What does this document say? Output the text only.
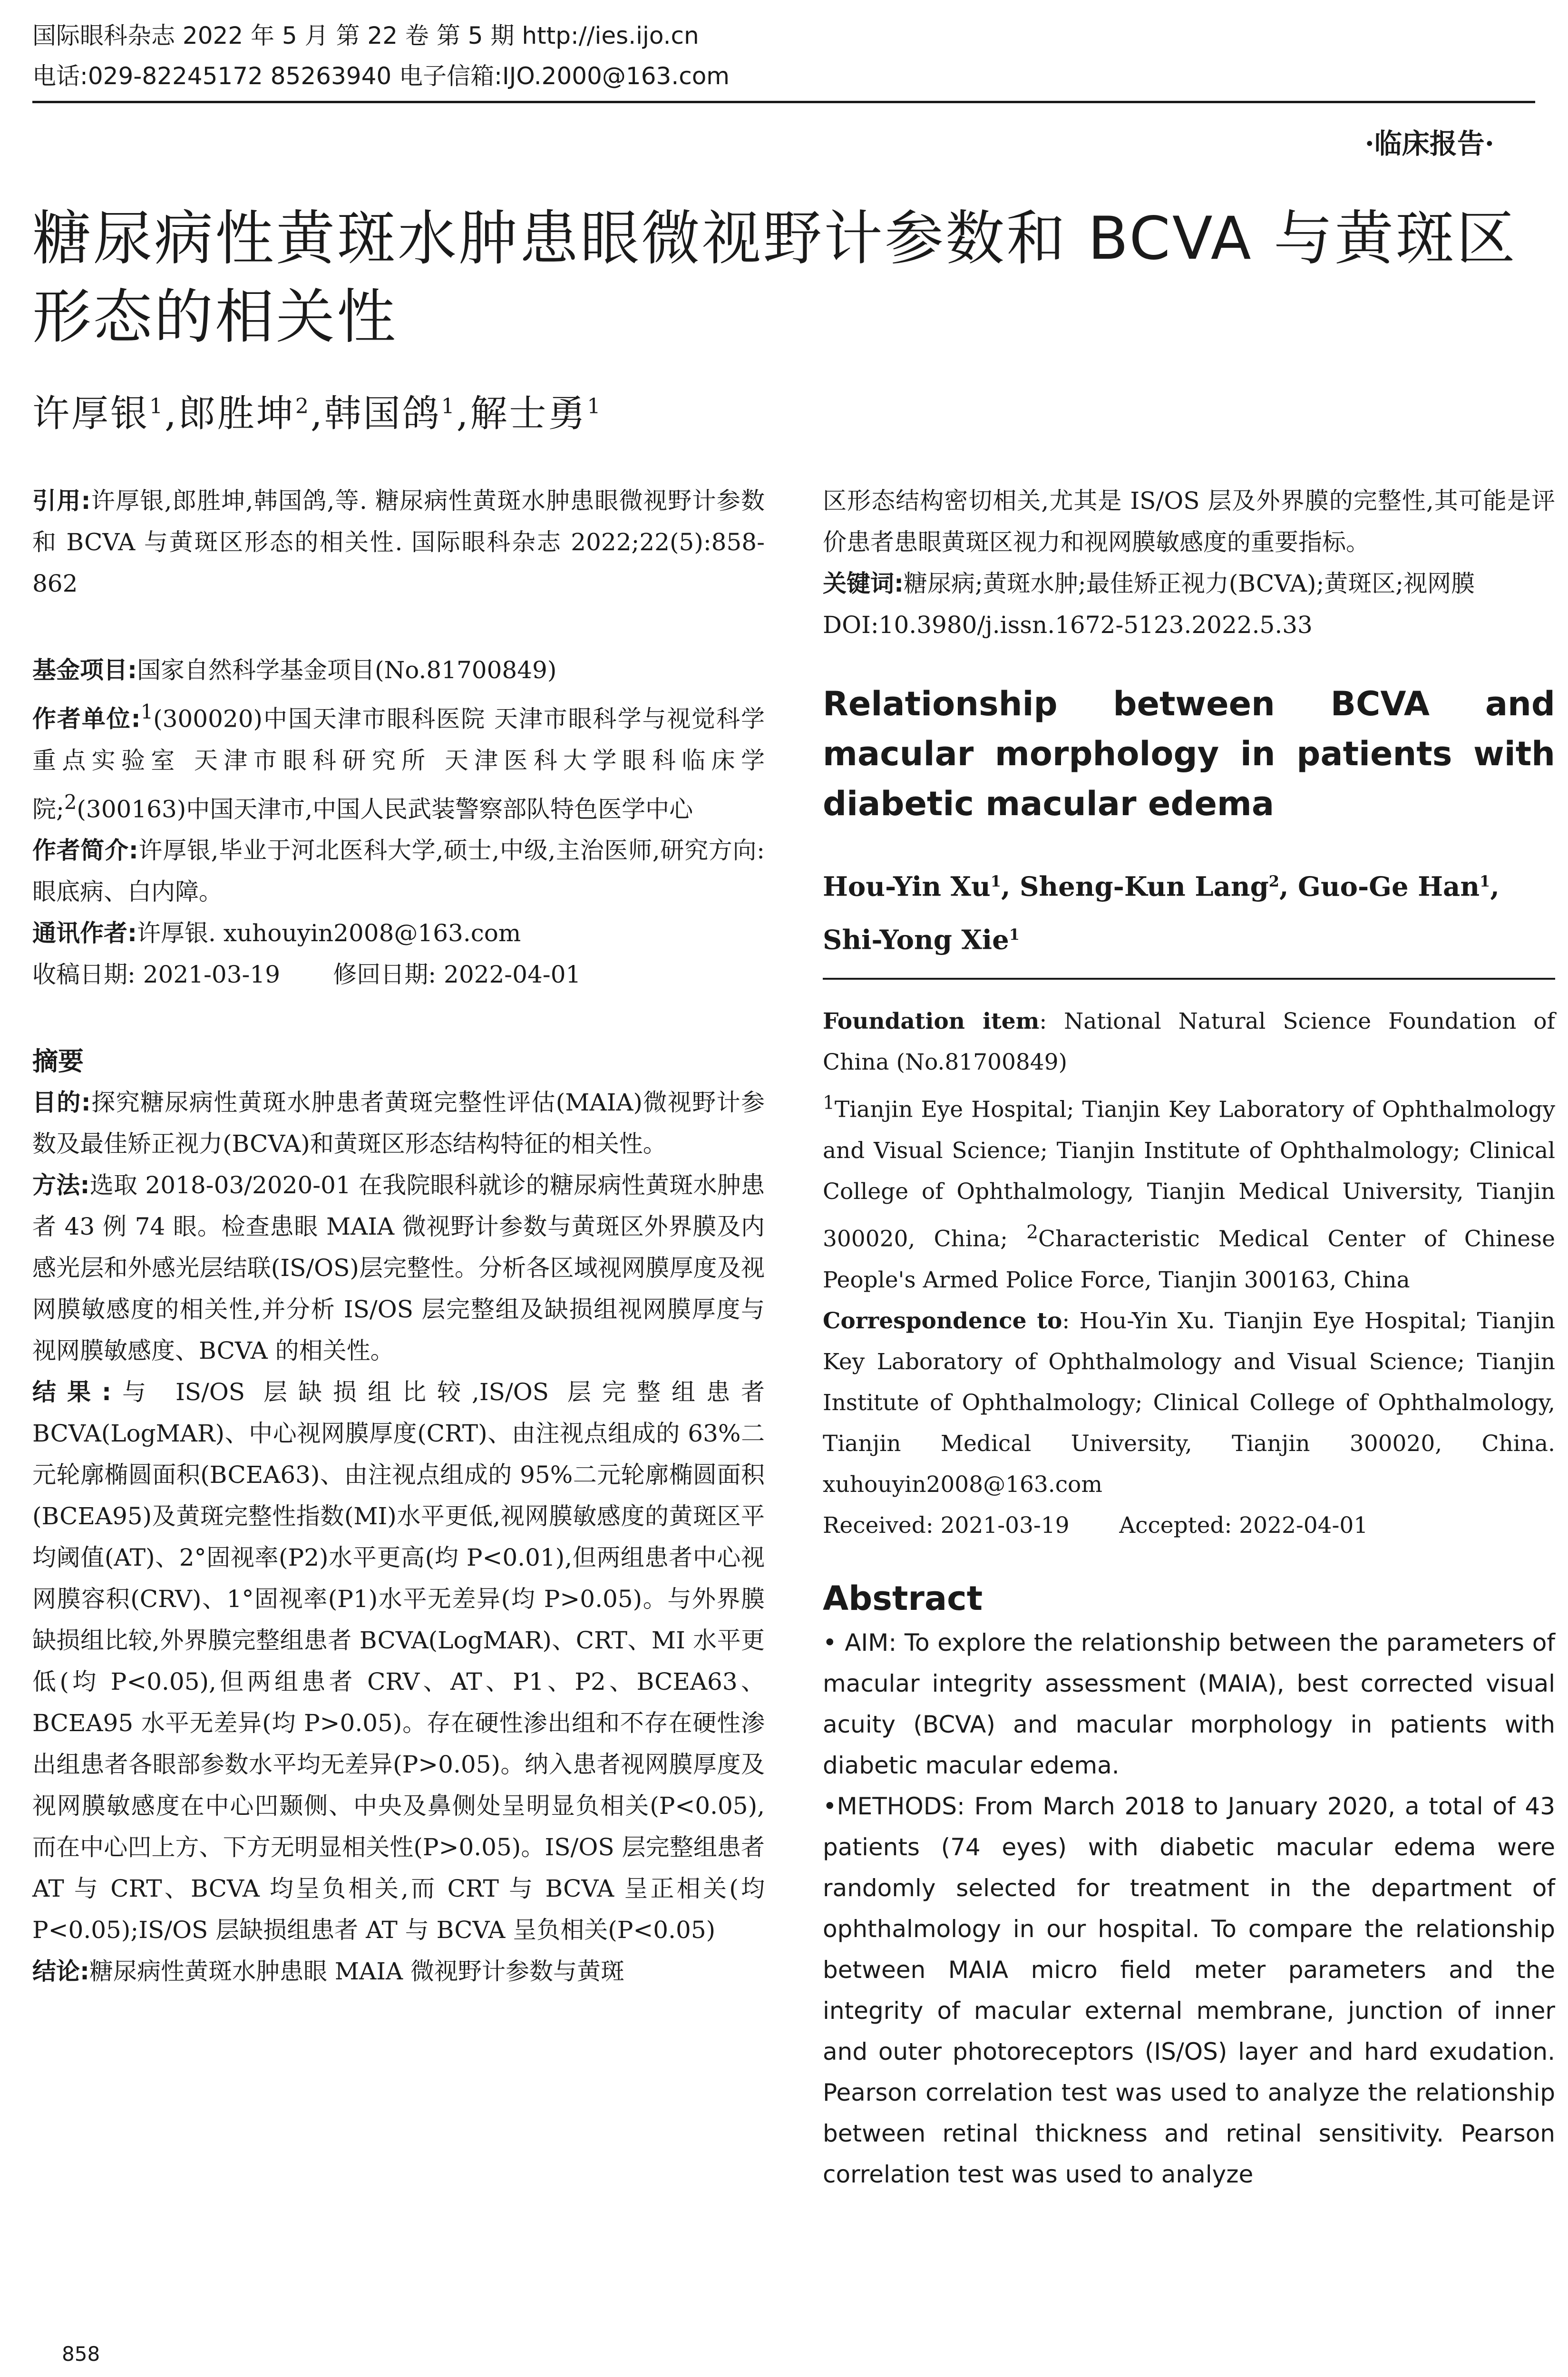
国际眼科杂志 2022 年 5 月 第 22 卷 第 5 期 http://ies.ijo.cn
电话:029-82245172 85263940 电子信箱:IJO.2000@163.com
·临床报告·
糖尿病性黄斑水肿患眼微视野计参数和 BCVA 与黄斑区形态的相关性
许厚银$^1$,郎胜坤$^2$,韩国鸽$^1$,解士勇$^1$
引用:许厚银,郎胜坤,韩国鸽,等. 糖尿病性黄斑水肿患眼微视野计参数和 BCVA 与黄斑区形态的相关性. 国际眼科杂志 2022;22(5):858-862
基金项目:国家自然科学基金项目(No.81700849)
作者单位:$^1$(300020)中国天津市眼科医院 天津市眼科学与视觉科学重点实验室 天津市眼科研究所 天津医科大学眼科临床学院;$^2$(300163)中国天津市,中国人民武装警察部队特色医学中心
作者简介:许厚银,毕业于河北医科大学,硕士,中级,主治医师,研究方向:眼底病、白内障。
通讯作者:许厚银. xuhouyin2008@163.com
收稿日期: 2021-03-19 修回日期: 2022-04-01
摘要
目的:探究糖尿病性黄斑水肿患者黄斑完整性评估(MAIA)微视野计参数及最佳矫正视力(BCVA)和黄斑区形态结构特征的相关性。
方法:选取 2018-03/2020-01 在我院眼科就诊的糖尿病性黄斑水肿患者 43 例 74 眼。检查患眼 MAIA 微视野计参数与黄斑区外界膜及内感光层和外感光层结联(IS/OS)层完整性。分析各区域视网膜厚度及视网膜敏感度的相关性,并分析 IS/OS 层完整组及缺损组视网膜厚度与视网膜敏感度、BCVA 的相关性。
结果:与 IS/OS 层缺损组比较,IS/OS 层完整组患者 BCVA(LogMAR)、中心视网膜厚度(CRT)、由注视点组成的 63%二元轮廓椭圆面积(BCEA63)、由注视点组成的 95%二元轮廓椭圆面积(BCEA95)及黄斑完整性指数(MI)水平更低,视网膜敏感度的黄斑区平均阈值(AT)、2°固视率(P2)水平更高(均 P<0.01),但两组患者中心视网膜容积(CRV)、1°固视率(P1)水平无差异(均 P>0.05)。与外界膜缺损组比较,外界膜完整组患者 BCVA(LogMAR)、CRT、MI 水平更低(均 P<0.05),但两组患者 CRV、AT、P1、P2、BCEA63、BCEA95 水平无差异(均 P>0.05)。存在硬性渗出组和不存在硬性渗出组患者各眼部参数水平均无差异(P>0.05)。纳入患者视网膜厚度及视网膜敏感度在中心凹颞侧、中央及鼻侧处呈明显负相关(P<0.05),而在中心凹上方、下方无明显相关性(P>0.05)。IS/OS 层完整组患者 AT 与 CRT、BCVA 均呈负相关,而 CRT 与 BCVA 呈正相关(均 P<0.05);IS/OS 层缺损组患者 AT 与 BCVA 呈负相关(P<0.05)
结论:糖尿病性黄斑水肿患眼 MAIA 微视野计参数与黄斑
区形态结构密切相关,尤其是 IS/OS 层及外界膜的完整性,其可能是评价患者患眼黄斑区视力和视网膜敏感度的重要指标。
关键词:糖尿病;黄斑水肿;最佳矫正视力(BCVA);黄斑区;视网膜
DOI:10.3980/j.issn.1672-5123.2022.5.33
Relationship between BCVA and macular morphology in patients with diabetic macular edema
Hou-Yin Xu$^1$, Sheng-Kun Lang$^2$, Guo-Ge Han$^1$, Shi-Yong Xie$^1$
Foundation item: National Natural Science Foundation of China (No.81700849)
$^1$Tianjin Eye Hospital; Tianjin Key Laboratory of Ophthalmology and Visual Science; Tianjin Institute of Ophthalmology; Clinical College of Ophthalmology, Tianjin Medical University, Tianjin 300020, China; $^2$Characteristic Medical Center of Chinese People's Armed Police Force, Tianjin 300163, China
Correspondence to: Hou-Yin Xu. Tianjin Eye Hospital; Tianjin Key Laboratory of Ophthalmology and Visual Science; Tianjin Institute of Ophthalmology; Clinical College of Ophthalmology, Tianjin Medical University, Tianjin 300020, China. xuhouyin2008@163.com
Received: 2021-03-19 Accepted: 2022-04-01
Abstract
• AIM: To explore the relationship between the parameters of macular integrity assessment (MAIA), best corrected visual acuity (BCVA) and macular morphology in patients with diabetic macular edema.
•METHODS: From March 2018 to January 2020, a total of 43 patients (74 eyes) with diabetic macular edema were randomly selected for treatment in the department of ophthalmology in our hospital. To compare the relationship between MAIA micro field meter parameters and the integrity of macular external membrane, junction of inner and outer photoreceptors (IS/OS) layer and hard exudation. Pearson correlation test was used to analyze the relationship between retinal thickness and retinal sensitivity. Pearson correlation test was used to analyze
858
